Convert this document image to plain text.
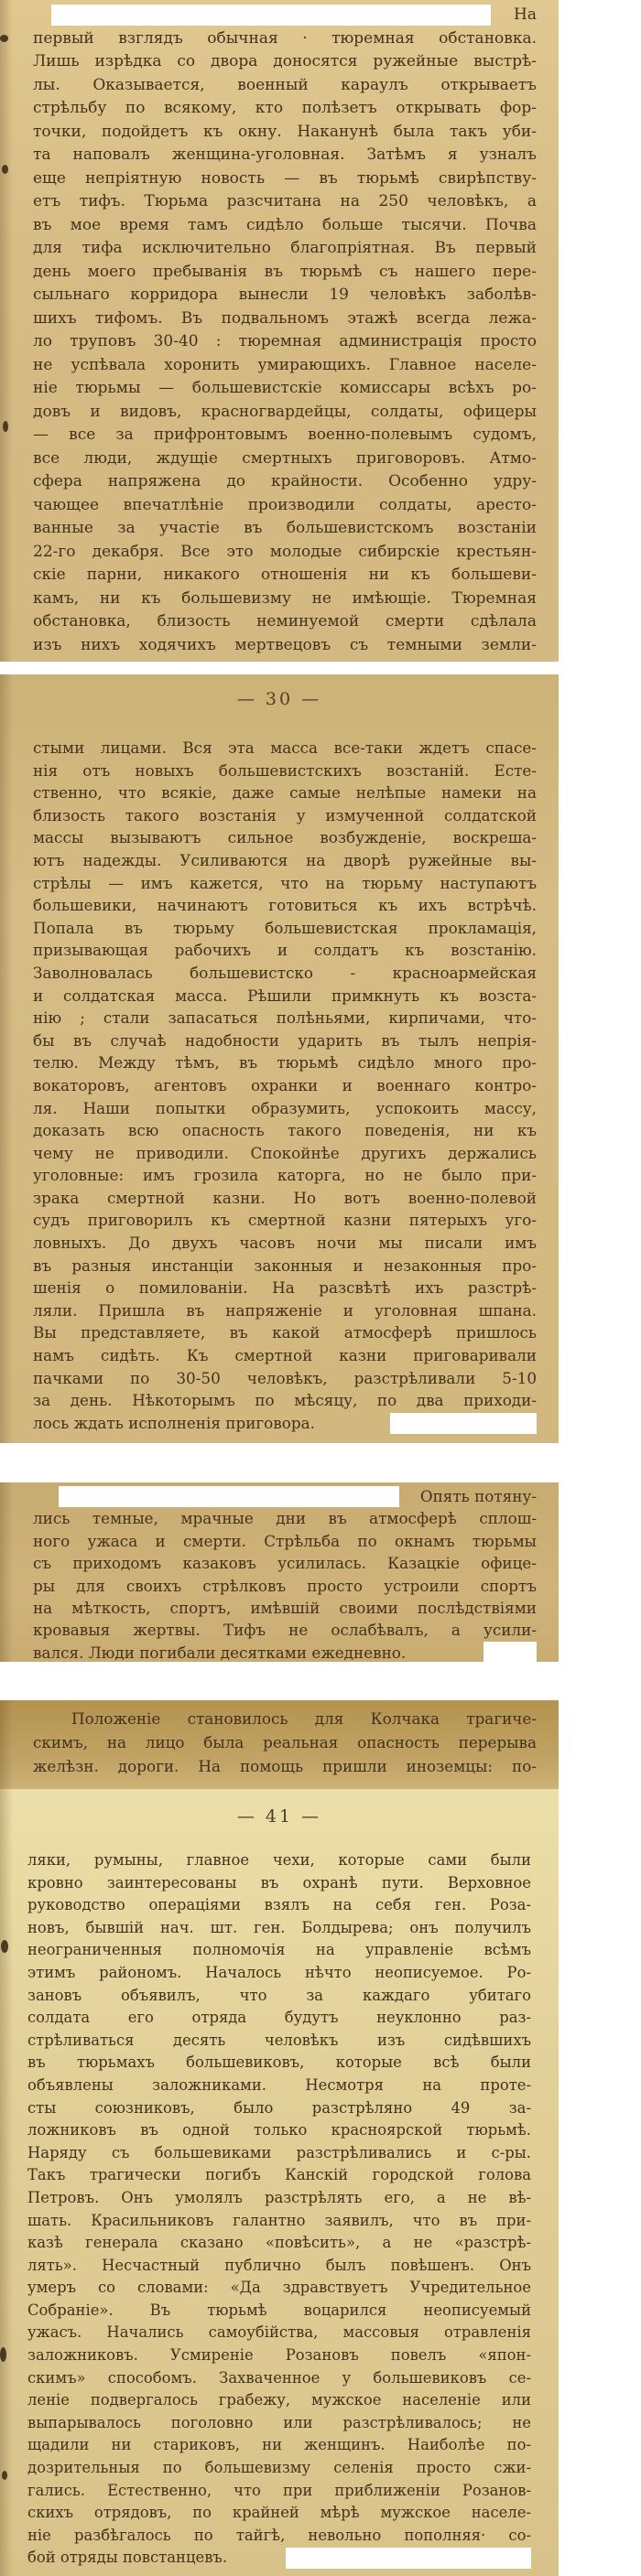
На
первый взглядъ обычная · тюремная обстановка.
Лишь изрѣдка со двора доносятся ружейные выстрѣ-
лы. Оказывается, военный караулъ открываетъ
стрѣльбу по всякому, кто полѣзетъ открывать фор-
точки, подойдетъ къ окну. Наканунѣ была такъ уби-
та наповалъ женщина-уголовная. Затѣмъ я узналъ
еще непріятную новость — въ тюрьмѣ свирѣпству-
етъ тифъ. Тюрьма разсчитана на 250 человѣкъ, а
въ мое время тамъ сидѣло больше тысячи. Почва
для тифа исключительно благопріятная. Въ первый
день моего пребыванія въ тюрьмѣ съ нашего пере-
сыльнаго корридора вынесли 19 человѣкъ заболѣв-
шихъ тифомъ. Въ подвальномъ этажѣ всегда лежа-
ло труповъ 30-40 : тюремная администрація просто
не успѣвала хоронить умирающихъ. Главное населе-
ніе тюрьмы — большевистскіе комиссары всѣхъ ро-
довъ и видовъ, красногвардейцы, солдаты, офицеры
— все за прифронтовымъ военно-полевымъ судомъ,
все люди, ждущіе смертныхъ приговоровъ. Атмо-
сфера напряжена до крайности. Особенно удру-
чающее впечатлѣніе производили солдаты, аресто-
ванные за участіе въ большевистскомъ возстаніи
22-го декабря. Все это молодые сибирскіе крестьян-
скіе парни, никакого отношенія ни къ большеви-
камъ, ни къ большевизму не имѣющіе. Тюремная
обстановка, близость неминуемой смерти сдѣлала
изъ нихъ ходячихъ мертвецовъ съ темными земли-
— 30 —
стыми лицами. Вся эта масса все-таки ждетъ спасе-
нія отъ новыхъ большевистскихъ возстаній. Есте-
ственно, что всякіе, даже самые нелѣпые намеки на
близость такого возстанія у измученной солдатской
массы вызываютъ сильное возбужденіе, воскреша-
ютъ надежды. Усиливаются на дворѣ ружейные вы-
стрѣлы — имъ кажется, что на тюрьму наступаютъ
большевики, начинаютъ готовиться къ ихъ встрѣчѣ.
Попала въ тюрьму большевистская прокламація,
призывающая рабочихъ и солдатъ къ возстанію.
Заволновалась большевистско - красноармейская
и солдатская масса. Рѣшили примкнуть къ возста-
нію ; стали запасаться полѣньями, кирпичами, что-
бы въ случаѣ надобности ударить въ тылъ непрія-
телю. Между тѣмъ, въ тюрьмѣ сидѣло много про-
вокаторовъ, агентовъ охранки и военнаго контро-
ля. Наши попытки образумить, успокоить массу,
доказать всю опасность такого поведенія, ни къ
чему не приводили. Спокойнѣе другихъ держались
уголовные: имъ грозила каторга, но не было при-
зрака смертной казни. Но вотъ военно-полевой
судъ приговорилъ къ смертной казни пятерыхъ уго-
ловныхъ. До двухъ часовъ ночи мы писали имъ
въ разныя инстанціи законныя и незаконныя про-
шенія о помилованіи. На разсвѣтѣ ихъ разстрѣ-
ляли. Пришла въ напряженіе и уголовная шпана.
Вы представляете, въ какой атмосферѣ пришлось
намъ сидѣть. Къ смертной казни приговаривали
пачками по 30-50 человѣкъ, разстрѣливали 5-10
за день. Нѣкоторымъ по мѣсяцу, по два приходи-
лось ждать исполненія приговора.
Опять потяну-
лись темные, мрачные дни въ атмосферѣ сплош-
ного ужаса и смерти. Стрѣльба по окнамъ тюрьмы
съ приходомъ казаковъ усилилась. Казацкіе офице-
ры для своихъ стрѣлковъ просто устроили спортъ
на мѣткость, спортъ, имѣвшій своими послѣдствіями
кровавыя жертвы. Тифъ не ослабѣвалъ, а усили-
вался. Люди погибали десятками ежедневно.
Положеніе становилось для Колчака трагиче-
скимъ, на лицо была реальная опасность перерыва
желѣзн. дороги. На помощь пришли иноземцы: по-
— 41 —
ляки, румыны, главное чехи, которые сами были
кровно заинтересованы въ охранѣ пути. Верховное
руководство операціями взялъ на себя ген. Роза-
новъ, бывшій нач. шт. ген. Болдырева; онъ получилъ
неограниченныя полномочія на управленіе всѣмъ
этимъ райономъ. Началось нѣчто неописуемое. Ро-
зановъ объявилъ, что за каждаго убитаго
солдата его отряда будутъ неуклонно раз-
стрѣливаться десять человѣкъ изъ сидѣвшихъ
въ тюрьмахъ большевиковъ, которые всѣ были
объявлены заложниками. Несмотря на проте-
сты союзниковъ, было разстрѣляно 49 за-
ложниковъ въ одной только красноярской тюрьмѣ.
Наряду съ большевиками разстрѣливались и с-ры.
Такъ трагически погибъ Канскій городской голова
Петровъ. Онъ умолялъ разстрѣлять его, а не вѣ-
шать. Красильниковъ галантно заявилъ, что въ при-
казѣ генерала сказано «повѣсить», а не «разстрѣ-
лять». Несчастный публично былъ повѣшенъ. Онъ
умеръ со словами: «Да здравствуетъ Учредительное
Собраніе». Въ тюрьмѣ воцарился неописуемый
ужасъ. Начались самоубійства, массовыя отравленія
заложниковъ. Усмиреніе Розановъ повелъ «япон-
скимъ» способомъ. Захваченное у большевиковъ се-
леніе подвергалось грабежу, мужское населеніе или
выпарывалось поголовно или разстрѣливалось; не
щадили ни стариковъ, ни женщинъ. Наиболѣе по-
дозрительныя по большевизму селенія просто сжи-
гались. Естественно, что при приближеніи Розанов-
скихъ отрядовъ, по крайней мѣрѣ мужское населе-
ніе разбѣгалось по тайгѣ, невольно пополняя· со-
бой отряды повстанцевъ.
